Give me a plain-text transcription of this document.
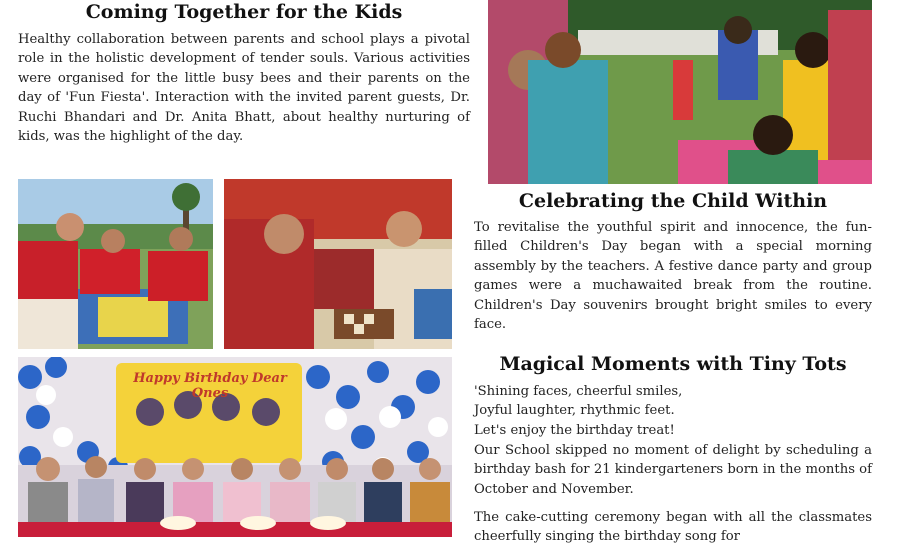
Coming Together for the Kids

Healthy collaboration between parents and school plays a pivotal role in the holistic development of tender souls. Various activities were organised for the little busy bees and their parents on the day of 'Fun Fiesta'. Interaction with the invited parent guests, Dr. Ruchi Bhandari and Dr. Anita Bhatt, about healthy nurturing of kids, was the highlight of the day.

Happy Birthday Dear Ones
Celebrating the Child Within

To revitalise the youthful spirit and innocence, the fun-filled Children's Day began with a special morning assembly by the teachers. A festive dance party and group games were a muchawaited break from the routine. Children's Day souvenirs brought bright smiles to every face.

Magical Moments with Tiny Tots
'Shining faces, cheerful smiles,
Joyful laughter, rhythmic feet.
Let's enjoy the birthday treat!

Our School skipped no moment of delight by scheduling a birthday bash for 21 kindergarteners born in the months of October and November.

The cake-cutting ceremony began with all the classmates cheerfully singing the birthday song for
